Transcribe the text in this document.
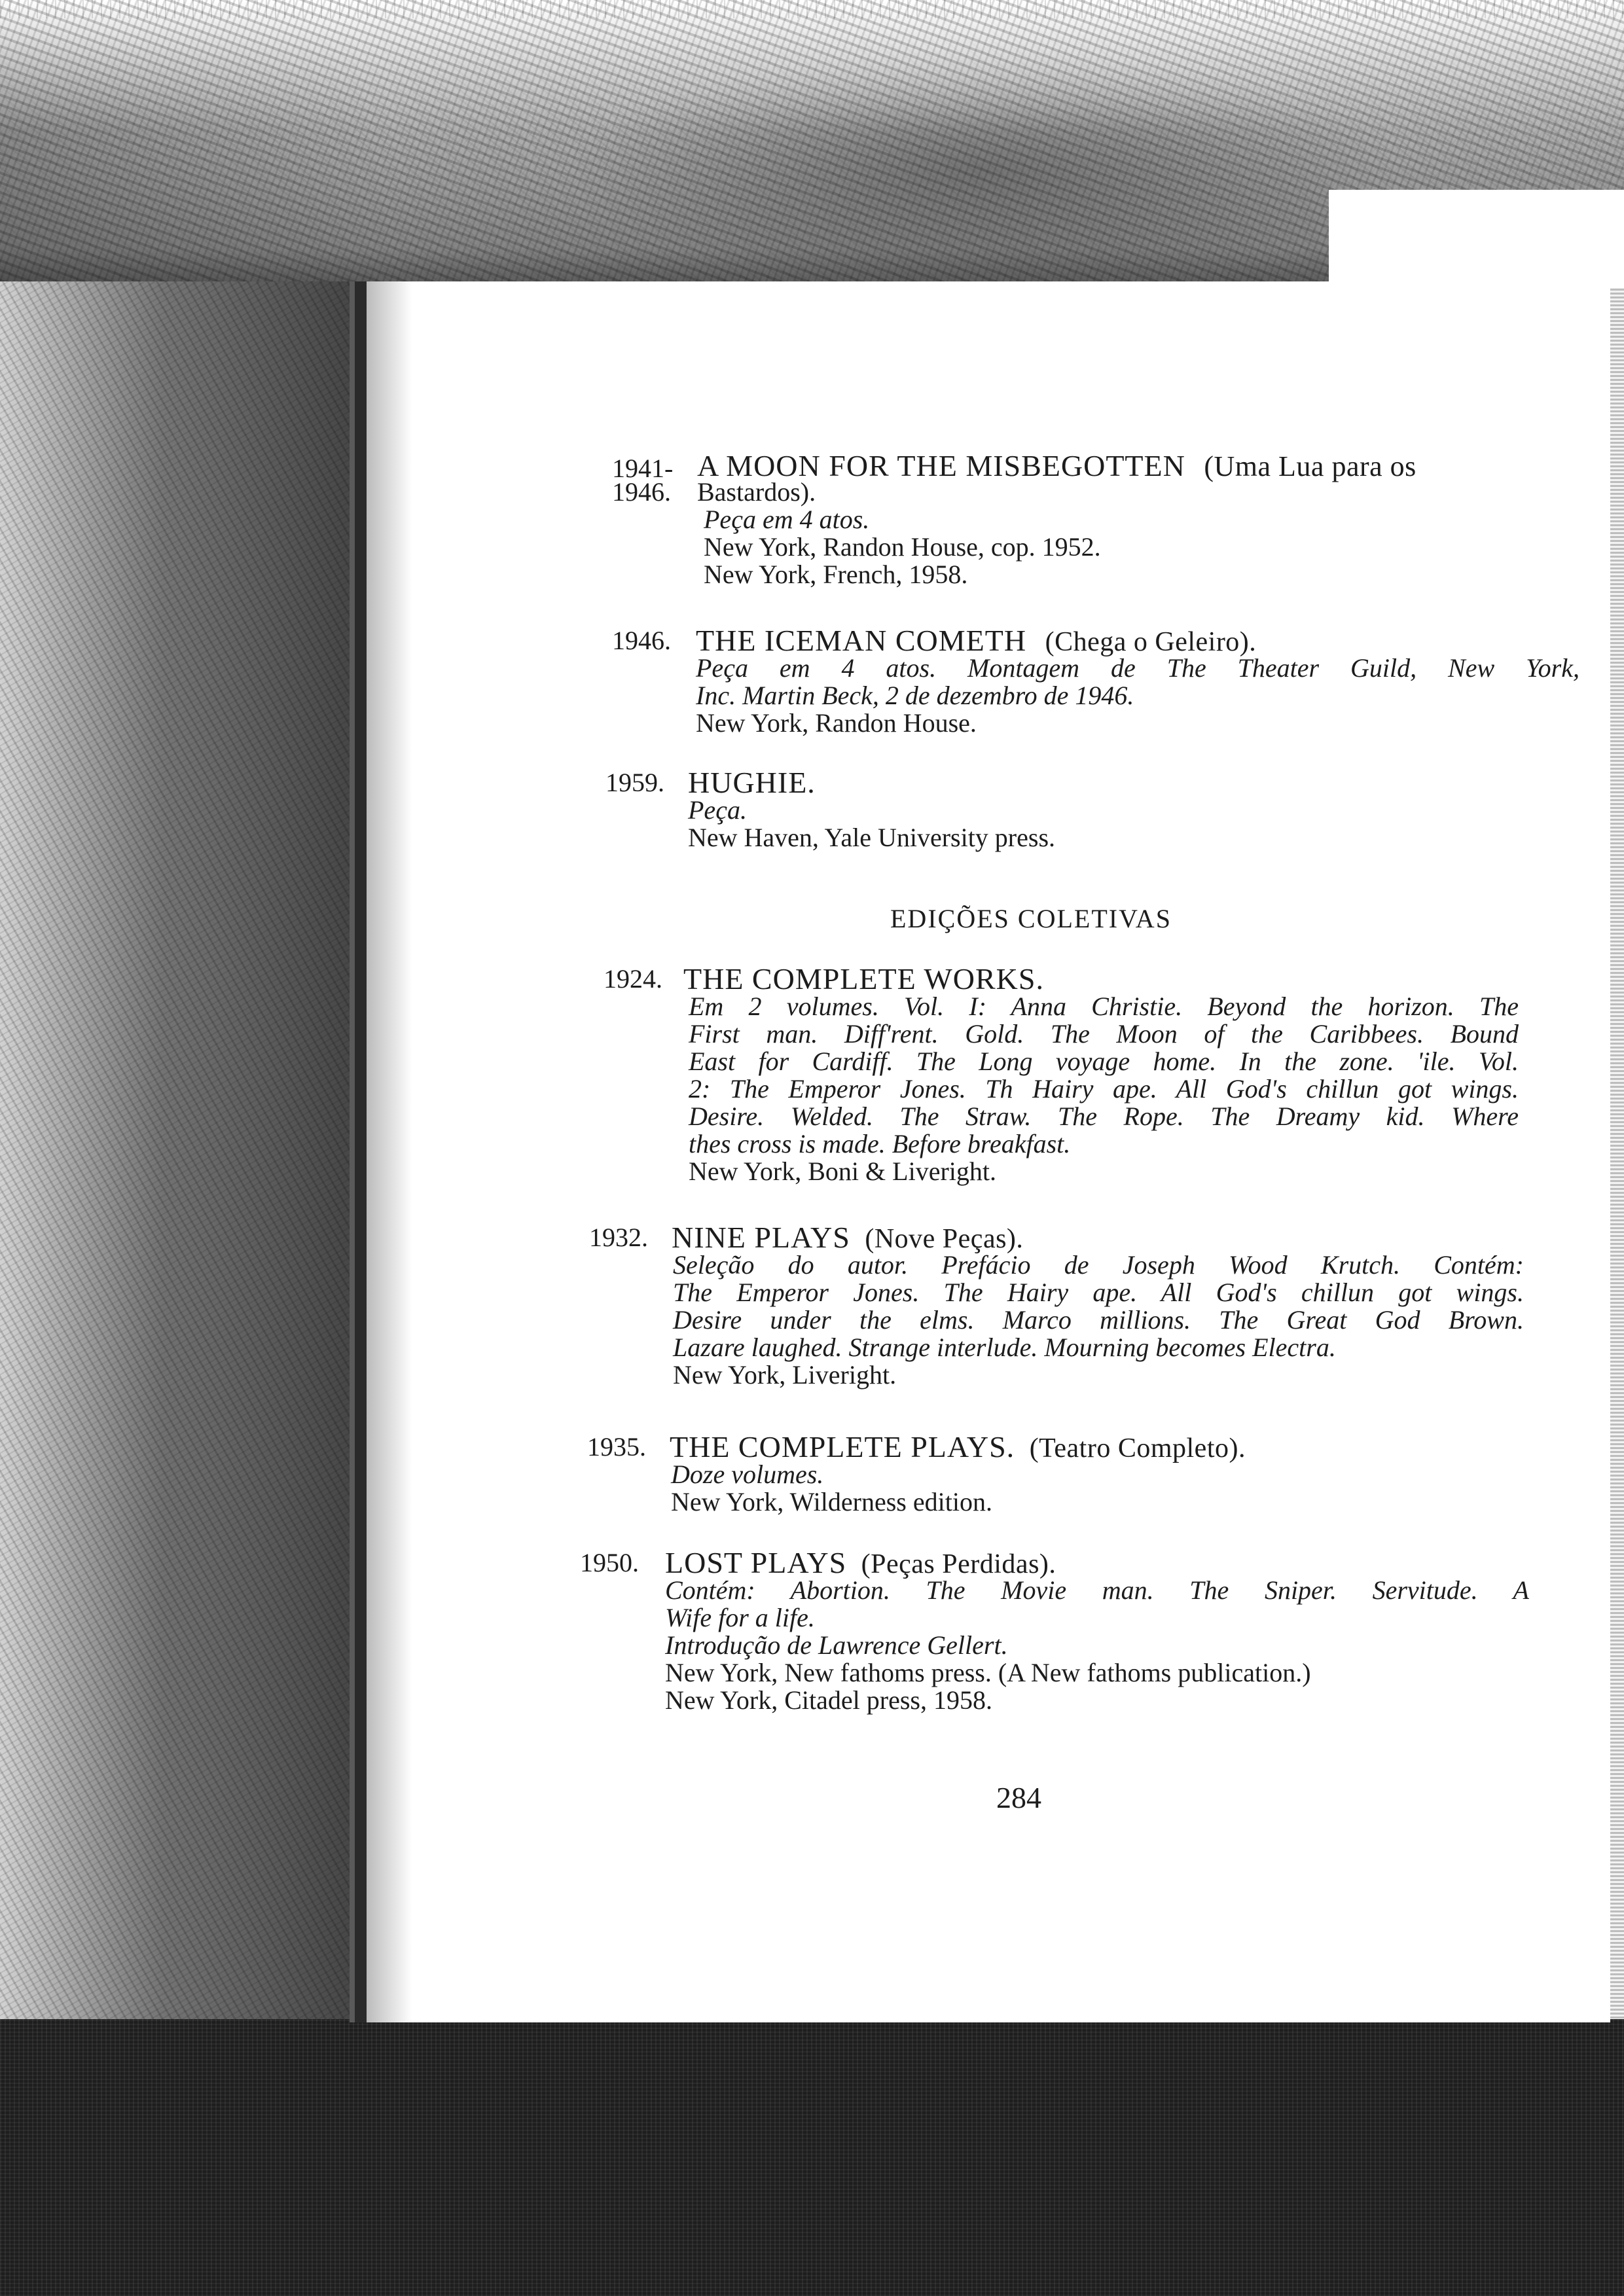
1941-
1946.
A MOON FOR THE MISBEGOTTEN (Uma Lua para os
Bastardos).
Peça em 4 atos.
New York, Randon House, cop. 1952.
New York, French, 1958.
1946. THE ICEMAN COMETH (Chega o Geleiro).
Peça em 4 atos. Montagem de The Theater Guild, New York,
Inc. Martin Beck, 2 de dezembro de 1946.
New York, Randon House.
1959. HUGHIE.
Peça.
New Haven, Yale University press.
EDIÇÕES COLETIVAS
1924. THE COMPLETE WORKS.
Em 2 volumes. Vol. I: Anna Christie. Beyond the horizon. The
First man. Diff'rent. Gold. The Moon of the Caribbees. Bound
East for Cardiff. The Long voyage home. In the zone. 'ile. Vol.
2: The Emperor Jones. Th Hairy ape. All God's chillun got wings.
Desire. Welded. The Straw. The Rope. The Dreamy kid. Where
thes cross is made. Before breakfast.
New York, Boni & Liveright.
1932. NINE PLAYS (Nove Peças).
Seleção do autor. Prefácio de Joseph Wood Krutch. Contém:
The Emperor Jones. The Hairy ape. All God's chillun got wings.
Desire under the elms. Marco millions. The Great God Brown.
Lazare laughed. Strange interlude. Mourning becomes Electra.
New York, Liveright.
1935. THE COMPLETE PLAYS. (Teatro Completo).
Doze volumes.
New York, Wilderness edition.
1950. LOST PLAYS (Peças Perdidas).
Contém: Abortion. The Movie man. The Sniper. Servitude. A
Wife for a life.
Introdução de Lawrence Gellert.
New York, New fathoms press. (A New fathoms publication.)
New York, Citadel press, 1958.
284
